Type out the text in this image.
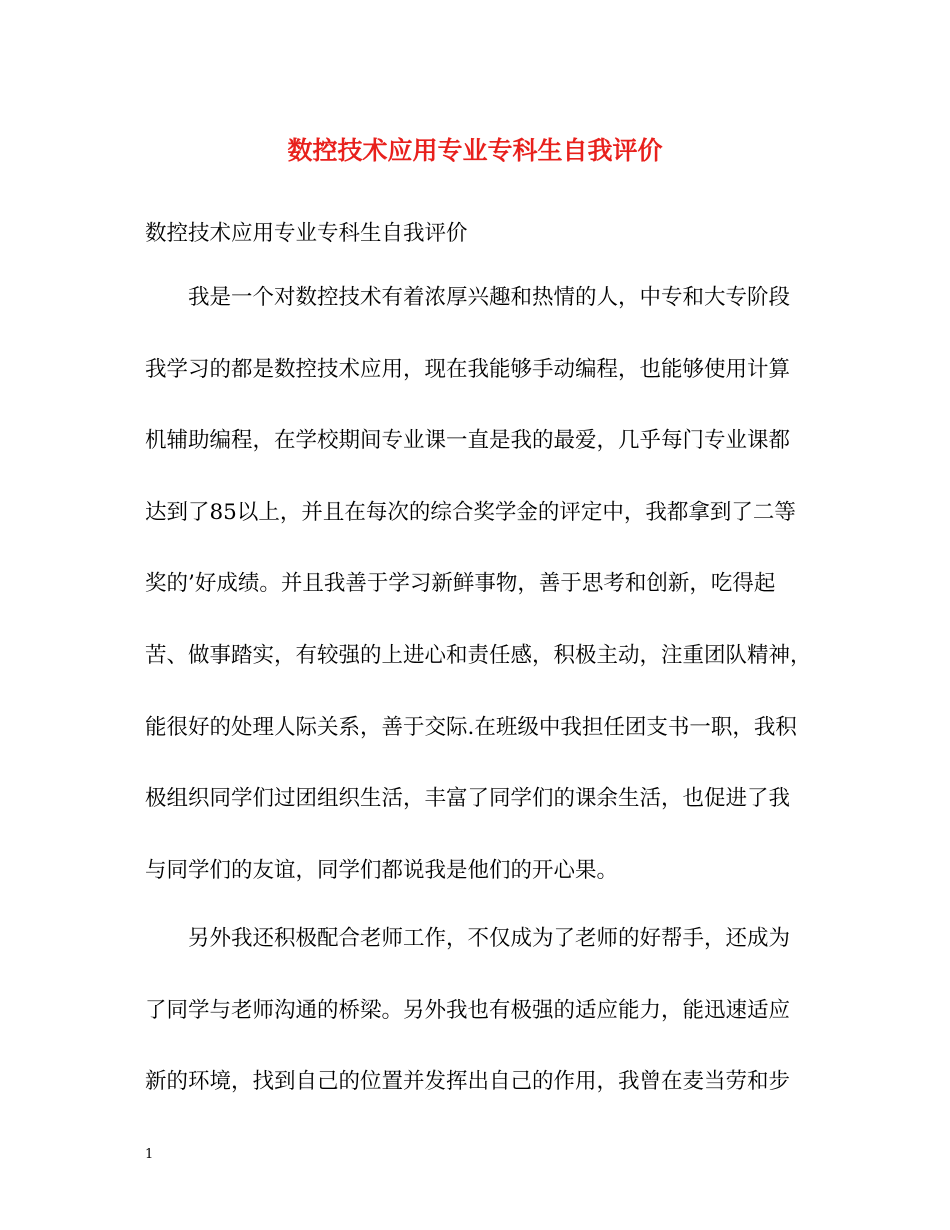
数控技术应用专业专科生自我评价
数控技术应用专业专科生自我评价
我是一个对数控技术有着浓厚兴趣和热情的人，中专和大专阶段
我学习的都是数控技术应用，现在我能够手动编程，也能够使用计算
机辅助编程，在学校期间专业课一直是我的最爱，几乎每门专业课都
达到了85以上，并且在每次的综合奖学金的评定中，我都拿到了二等
奖的’好成绩。并且我善于学习新鲜事物，善于思考和创新，吃得起
苦、做事踏实，有较强的上进心和责任感，积极主动，注重团队精神，
能很好的处理人际关系，善于交际.在班级中我担任团支书一职，我积
极组织同学们过团组织生活，丰富了同学们的课余生活，也促进了我
与同学们的友谊，同学们都说我是他们的开心果。
另外我还积极配合老师工作，不仅成为了老师的好帮手，还成为
了同学与老师沟通的桥梁。另外我也有极强的适应能力，能迅速适应
新的环境，找到自己的位置并发挥出自己的作用，我曾在麦当劳和步
1
